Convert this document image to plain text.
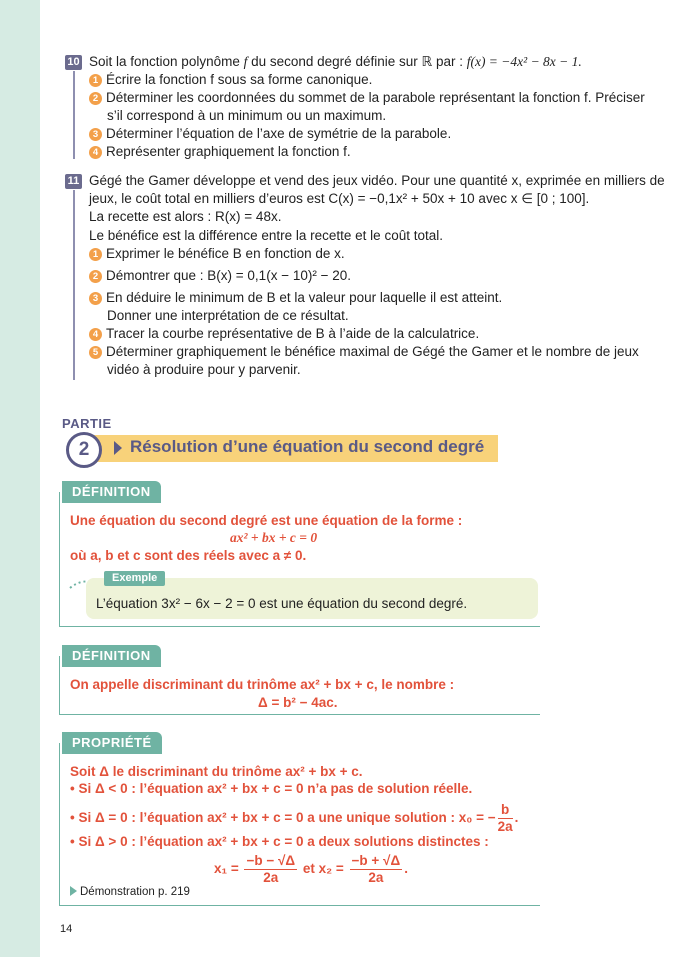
10 Soit la fonction polynôme f du second degré définie sur ℝ par : f(x) = −4x² − 8x − 1.
1 Écrire la fonction f sous sa forme canonique.
2 Déterminer les coordonnées du sommet de la parabole représentant la fonction f. Préciser
s’il correspond à un minimum ou un maximum.
3 Déterminer l’équation de l’axe de symétrie de la parabole.
4 Représenter graphiquement la fonction f.
11 Gégé the Gamer développe et vend des jeux vidéo. Pour une quantité x, exprimée en milliers de
jeux, le coût total en milliers d’euros est C(x) = −0,1x² + 50x + 10 avec x ∈ [0 ; 100].
La recette est alors : R(x) = 48x.
Le bénéfice est la différence entre la recette et le coût total.
1 Exprimer le bénéfice B en fonction de x.
2 Démontrer que : B(x) = 0,1(x − 10)² − 20.
3 En déduire le minimum de B et la valeur pour laquelle il est atteint.
Donner une interprétation de ce résultat.
4 Tracer la courbe représentative de B à l’aide de la calculatrice.
5 Déterminer graphiquement le bénéfice maximal de Gégé the Gamer et le nombre de jeux
vidéo à produire pour y parvenir.
PARTIE
2	Résolution d’une équation du second degré
DÉFINITION
Une équation du second degré est une équation de la forme :
ax² + bx + c = 0
où a, b et c sont des réels avec a ≠ 0.
Exemple
L’équation 3x² − 6x − 2 = 0 est une équation du second degré.
DÉFINITION
On appelle discriminant du trinôme ax² + bx + c, le nombre :
Δ = b² − 4ac.
PROPRIÉTÉ
Soit Δ le discriminant du trinôme ax² + bx + c.
• Si Δ < 0 : l’équation ax² + bx + c = 0 n’a pas de solution réelle.
• Si Δ = 0 : l’équation ax² + bx + c = 0 a une unique solution : x₀ = − $\frac{b}{2a}$ .
• Si Δ > 0 : l’équation ax² + bx + c = 0 a deux solutions distinctes :
$x_1 = \frac{-b - √\Delta}{2a}$ et $x_2 = \frac{-b + √\Delta}{2a}$ .
Démonstration p. 219
14
